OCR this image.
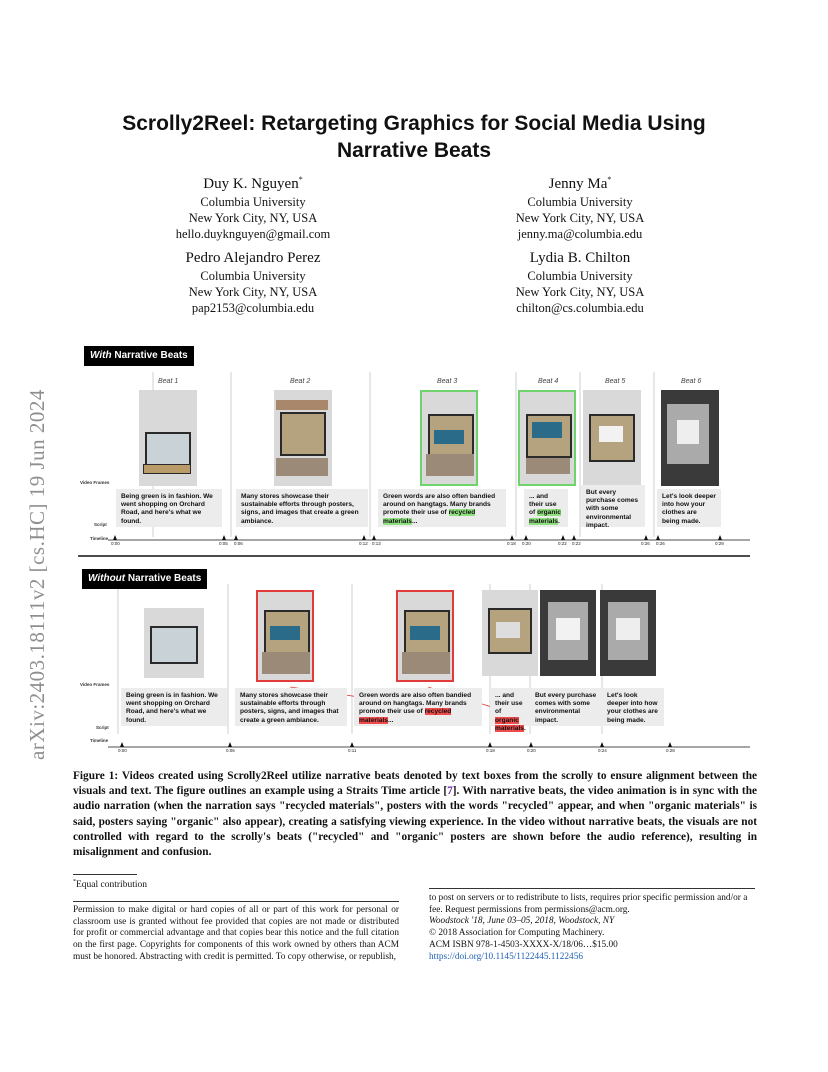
arXiv:2403.18111v2 [cs.HC] 19 Jun 2024
Scrolly2Reel: Retargeting Graphics for Social Media Using Narrative Beats
Duy K. Nguyen*
Columbia University
New York City, NY, USA
hello.duyknguyen@gmail.com
Jenny Ma*
Columbia University
New York City, NY, USA
jenny.ma@columbia.edu
Pedro Alejandro Perez
Columbia University
New York City, NY, USA
pap2153@columbia.edu
Lydia B. Chilton
Columbia University
New York City, NY, USA
chilton@cs.columbia.edu
With Narrative Beats
Beat 1	Beat 2	Beat 3	Beat 4	Beat 5	Beat 6
Video Frames
Script
Timeline
Being green is in fashion. We went shopping on Orchard Road, and here's what we found.
Many stores showcase their sustainable efforts through posters, signs, and images that create a green ambiance.
Green words are also often bandied around on hangtags. Many brands promote their use of recycled materials...
... and their use of organic materials.
But every purchase comes with some environmental impact.
Let's look deeper into how your clothes are being made.
0:00	0:05 0:06	0:12 0:13	0:18 0:20	0:22 0:22	0:26 0:26	0:29
Without Narrative Beats
Video Frames
Script
Timeline
Being green is in fashion. We went shopping on Orchard Road, and here's what we found.
Many stores showcase their sustainable efforts through posters, signs, and images that create a green ambiance.
Green words are also often bandied around on hangtags. Many brands promote their use of recycled materials...
... and their use of organic materials.
But every purchase comes with some environmental impact.
Let's look deeper into how your clothes are being made.
0:00	0:06	0:11	0:18	0:20	0:24	0:28

Figure 1: Videos created using Scrolly2Reel utilize narrative beats denoted by text boxes from the scrolly to ensure alignment between the visuals and text. The figure outlines an example using a Straits Time article [7]. With narrative beats, the video animation is in sync with the audio narration (when the narration says "recycled materials", posters with the words "recycled" appear, and when "organic materials" is said, posters saying "organic" also appear), creating a satisfying viewing experience. In the video without narrative beats, the visuals are not controlled with regard to the scrolly's beats ("recycled" and "organic" posters are shown before the audio reference), resulting in misalignment and confusion.

*Equal contribution

Permission to make digital or hard copies of all or part of this work for personal or classroom use is granted without fee provided that copies are not made or distributed for profit or commercial advantage and that copies bear this notice and the full citation on the first page. Copyrights for components of this work owned by others than ACM must be honored. Abstracting with credit is permitted. To copy otherwise, or republish,

to post on servers or to redistribute to lists, requires prior specific permission and/or a fee. Request permissions from permissions@acm.org.
Woodstock '18, June 03–05, 2018, Woodstock, NY
© 2018 Association for Computing Machinery.
ACM ISBN 978-1-4503-XXXX-X/18/06…$15.00
https://doi.org/10.1145/1122445.1122456
